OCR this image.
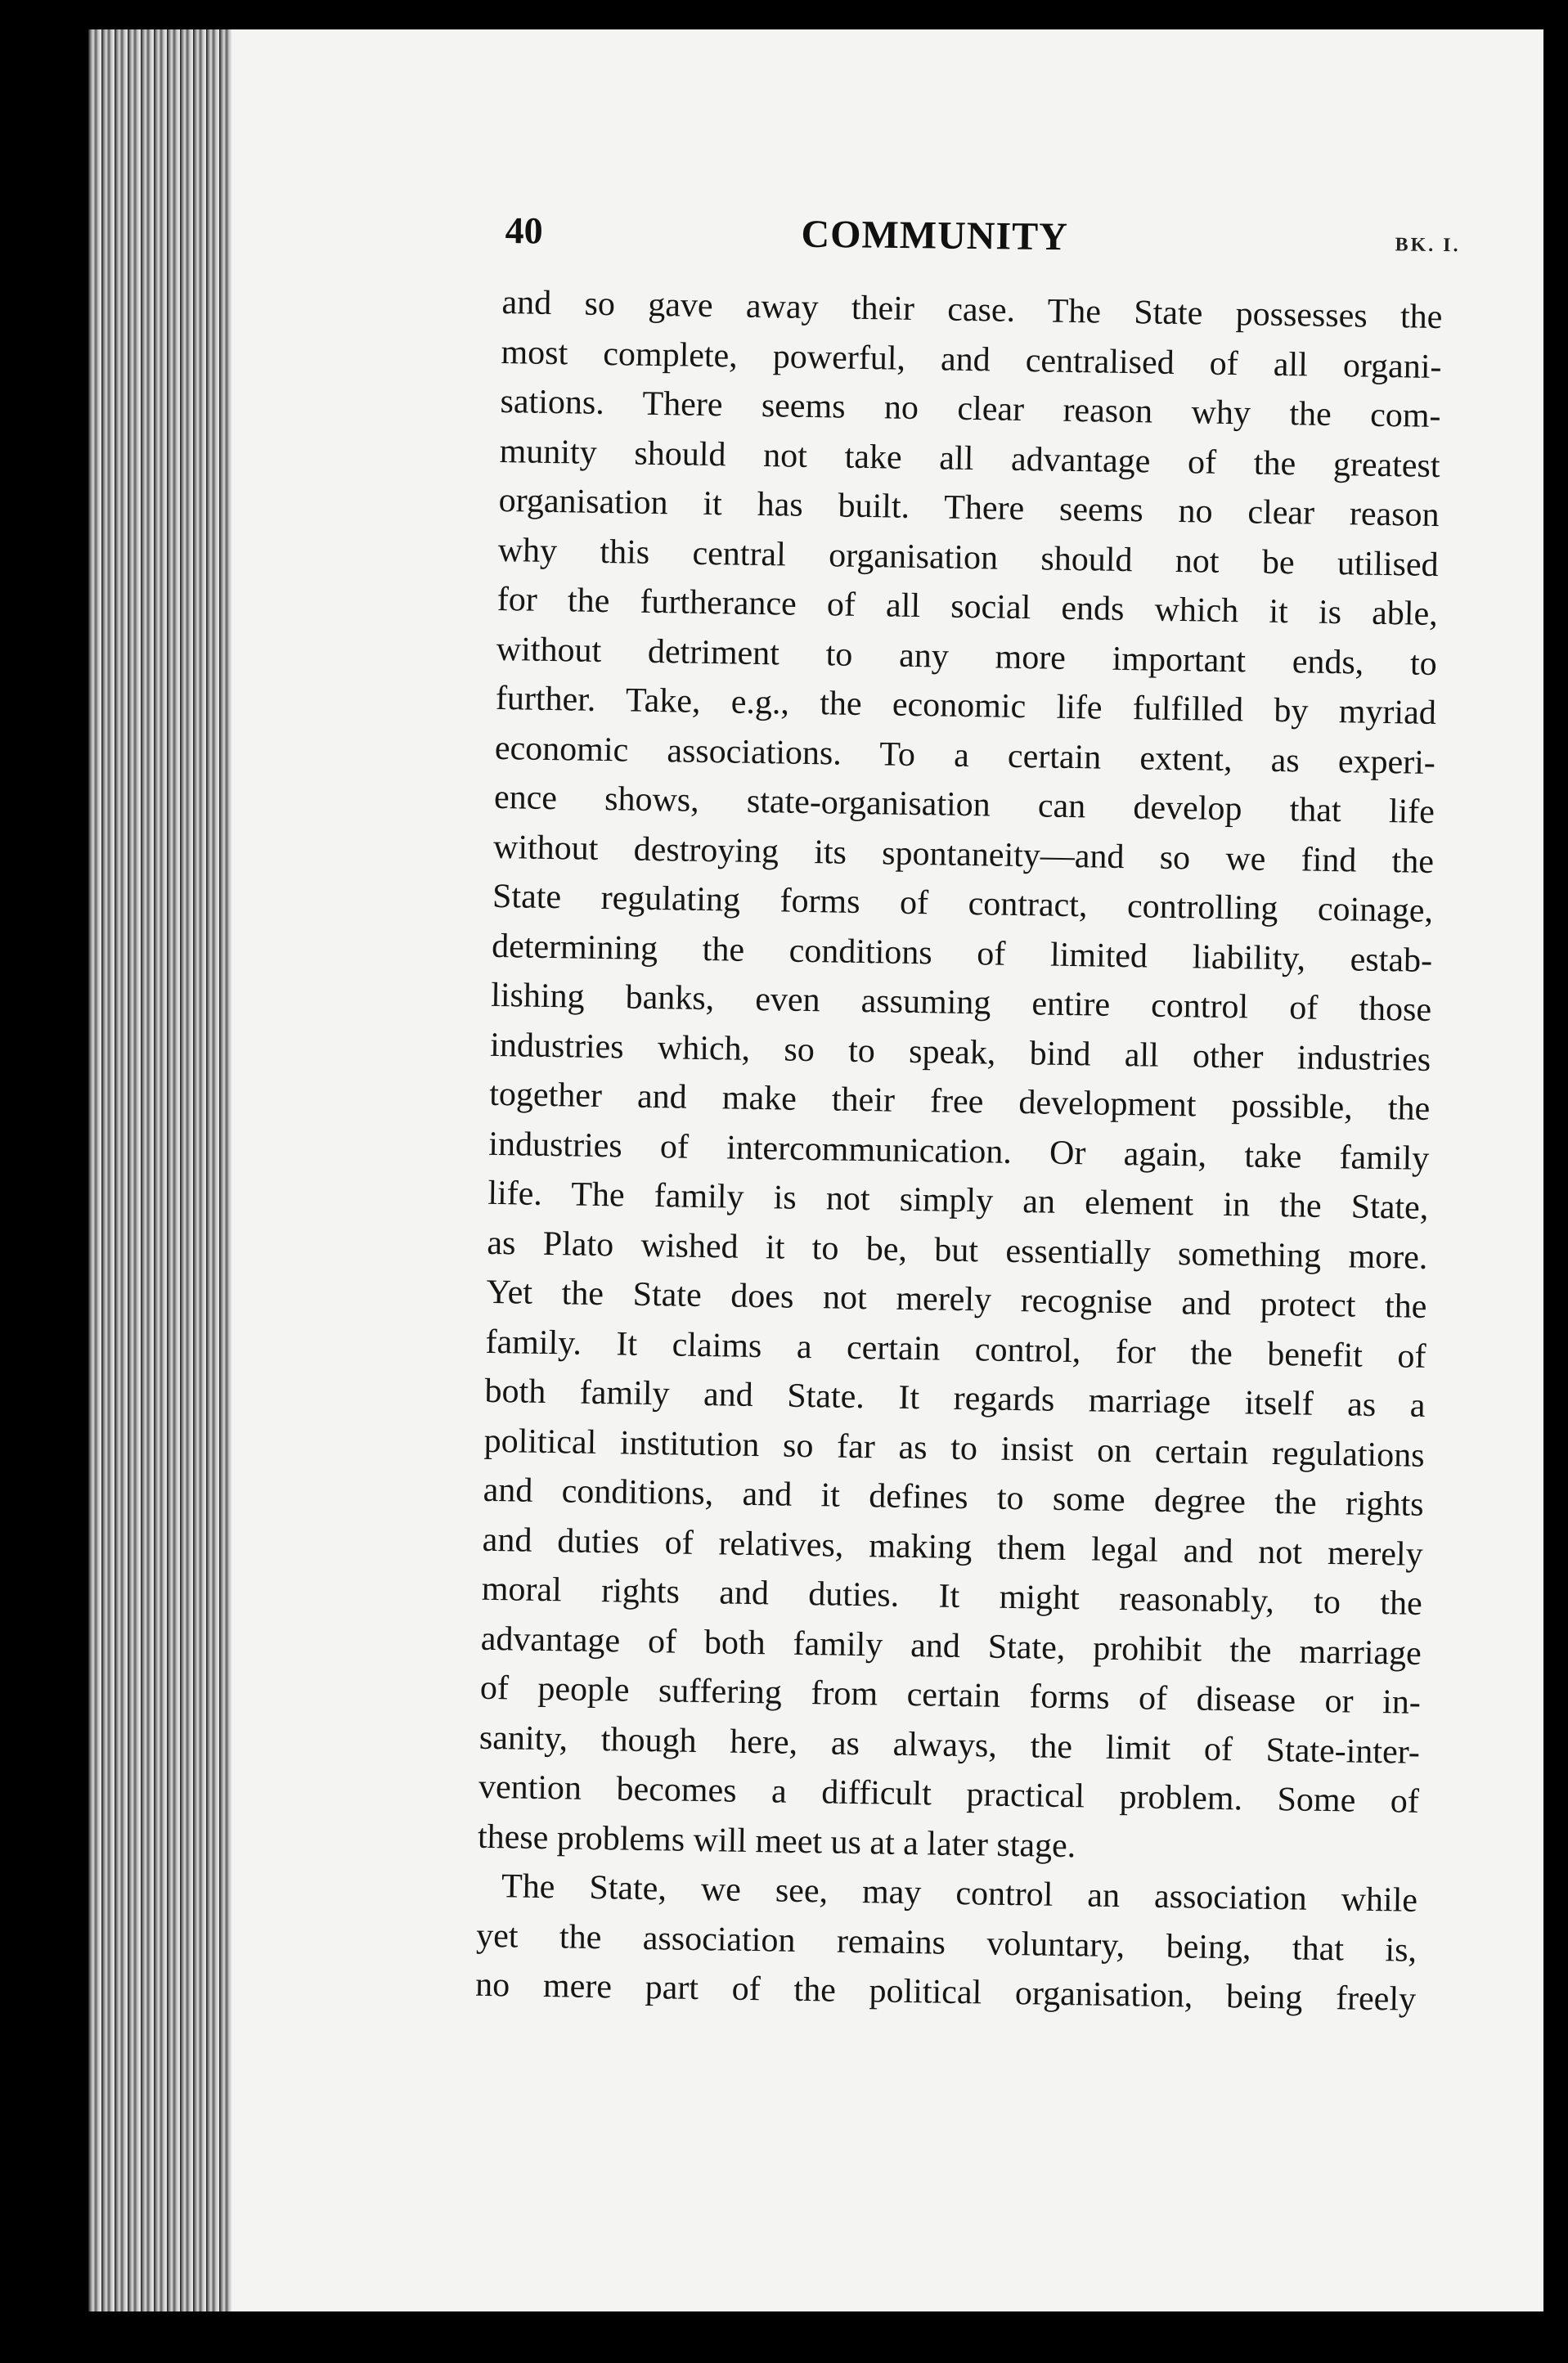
40	COMMUNITY	BK. I.
and so gave away their case. The State possesses the
most complete, powerful, and centralised of all organi-
sations. There seems no clear reason why the com-
munity should not take all advantage of the greatest
organisation it has built. There seems no clear reason
why this central organisation should not be utilised
for the furtherance of all social ends which it is able,
without detriment to any more important ends, to
further. Take, e.g., the economic life fulfilled by myriad
economic associations. To a certain extent, as experi-
ence shows, state-organisation can develop that life
without destroying its spontaneity—and so we find the
State regulating forms of contract, controlling coinage,
determining the conditions of limited liability, estab-
lishing banks, even assuming entire control of those
industries which, so to speak, bind all other industries
together and make their free development possible, the
industries of intercommunication. Or again, take family
life. The family is not simply an element in the State,
as Plato wished it to be, but essentially something more.
Yet the State does not merely recognise and protect the
family. It claims a certain control, for the benefit of
both family and State. It regards marriage itself as a
political institution so far as to insist on certain regulations
and conditions, and it defines to some degree the rights
and duties of relatives, making them legal and not merely
moral rights and duties. It might reasonably, to the
advantage of both family and State, prohibit the marriage
of people suffering from certain forms of disease or in-
sanity, though here, as always, the limit of State-inter-
vention becomes a difficult practical problem. Some of
these problems will meet us at a later stage.
The State, we see, may control an association while
yet the association remains voluntary, being, that is,
no mere part of the political organisation, being freely
